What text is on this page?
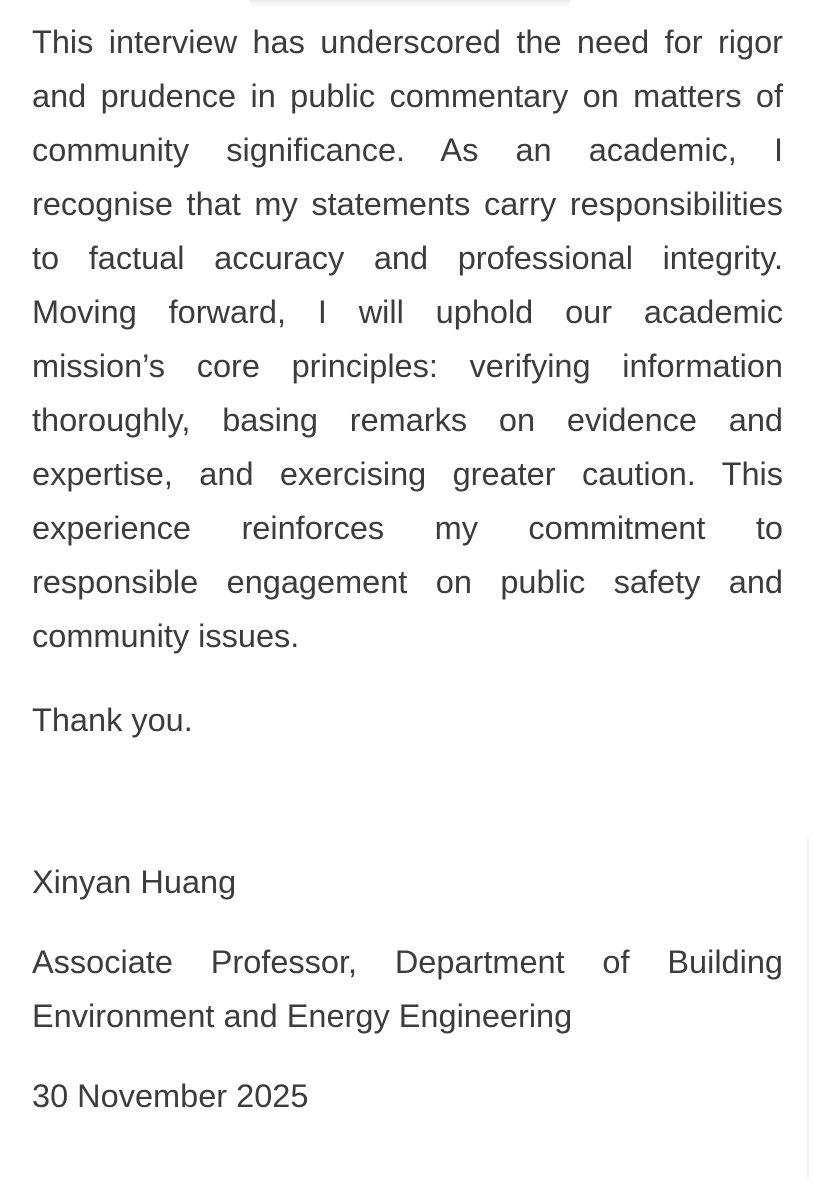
This interview has underscored the need for rigor and prudence in public commentary on matters of community significance. As an academic, I recognise that my statements carry responsibilities to factual accuracy and professional integrity. Moving forward, I will uphold our academic mission’s core principles: verifying information thoroughly, basing remarks on evidence and expertise, and exercising greater caution. This experience reinforces my commitment to responsible engagement on public safety and community issues.

Thank you.

Xinyan Huang

Associate Professor, Department of Building Environment and Energy Engineering

30 November 2025
